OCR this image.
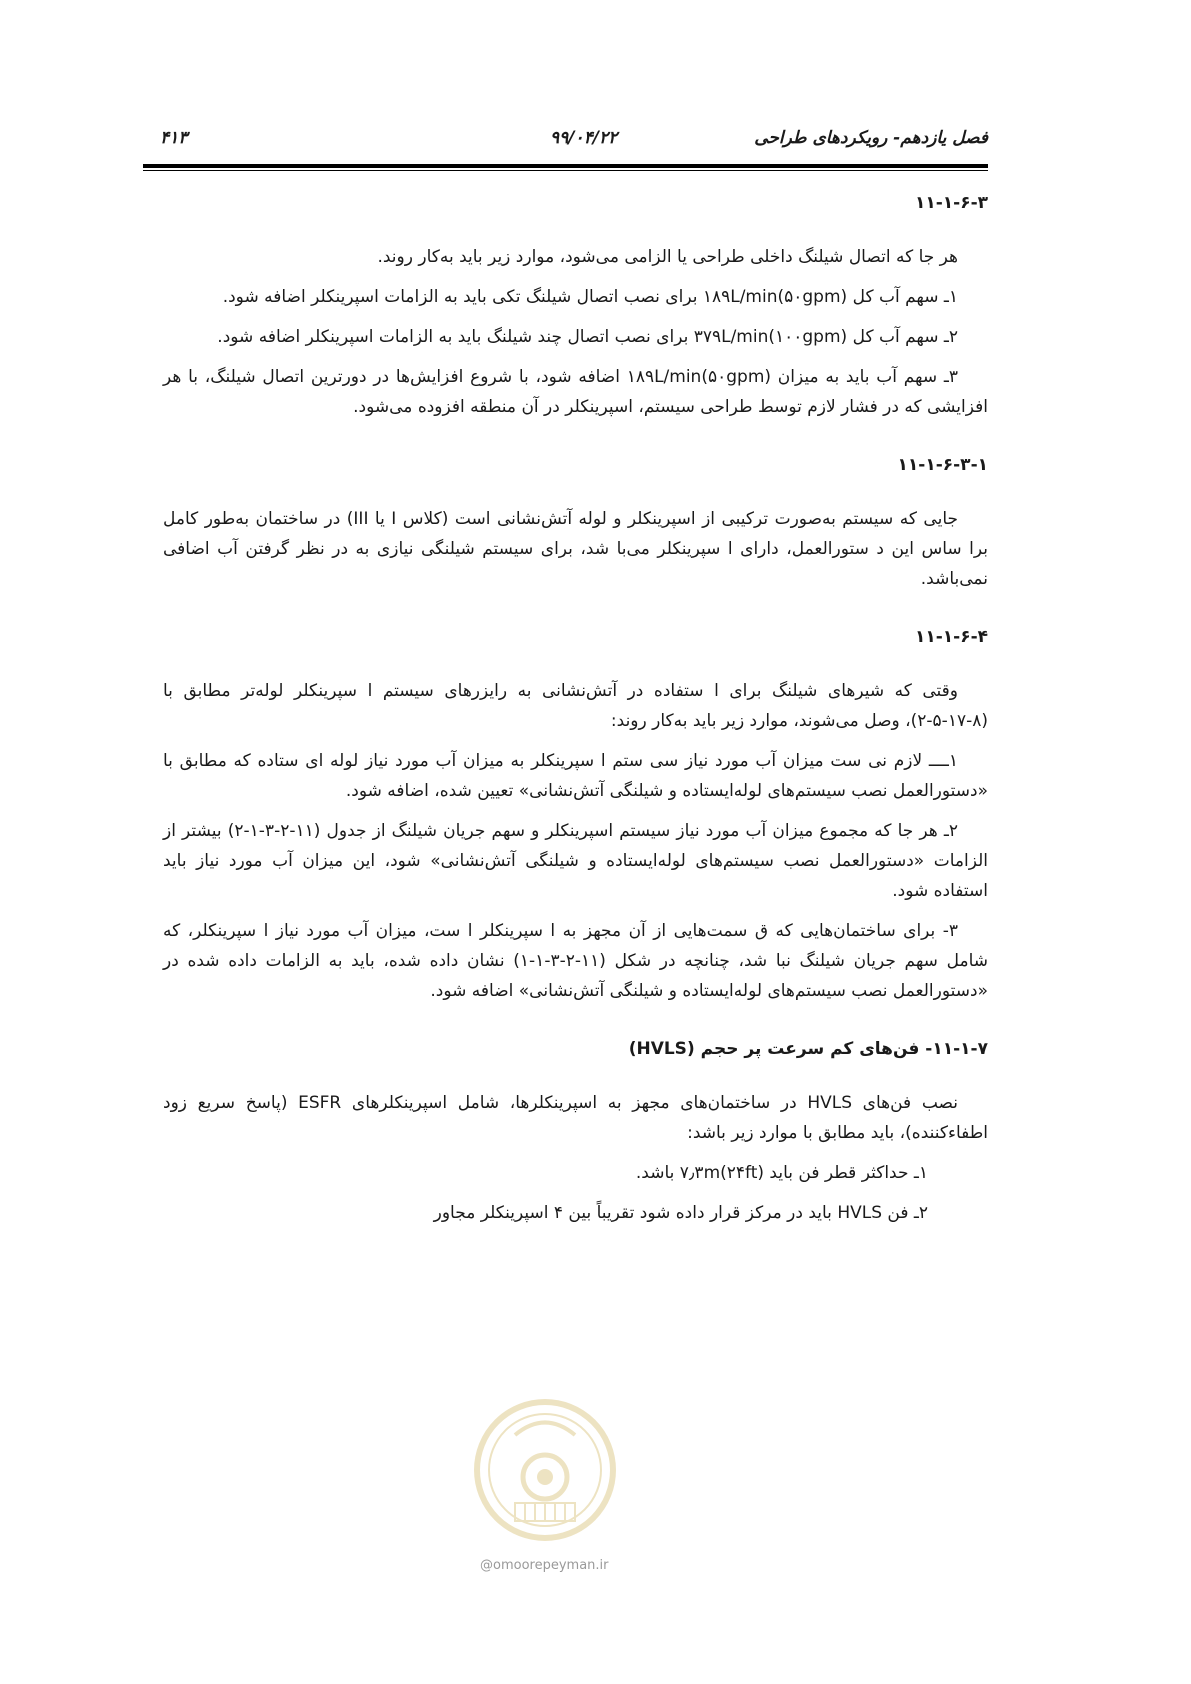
فصل یازدهم- رویکردهای طراحی
۹۹/۰۴/۲۲
۴۱۳
۱۱-۱-۶-۳

هر جا که اتصال شیلنگ داخلی طراحی یا الزامی می‌شود، موارد زیر باید به‌کار روند.

۱ـ سهم آب کل ۱۸۹L/min(۵۰gpm) برای نصب اتصال شیلنگ تکی باید به الزامات اسپرینکلر اضافه شود.

۲ـ سهم آب کل ۳۷۹L/min(۱۰۰gpm) برای نصب اتصال چند شیلنگ باید به الزامات اسپرینکلر اضافه شود.

۳ـ سهم آب باید به میزان ۱۸۹L/min(۵۰gpm) اضافه شود، با شروع افزایش‌ها در دورترین اتصال شیلنگ، با هر افزایشی که در فشار لازم توسط طراحی سیستم، اسپرینکلر در آن منطقه افزوده می‌شود.

۱۱-۱-۶-۳-۱

جایی که سیستم به‌صورت ترکیبی از اسپرینکلر و لوله آتش‌نشانی است (کلاس I یا III) در ساختمان به‌طور کامل برا ساس این د ستورالعمل، دارای ا سپرینکلر می‌با شد، برای سیستم شیلنگی نیازی به در نظر گرفتن آب اضافی نمی‌باشد.

۱۱-۱-۶-۴

وقتی که شیرهای شیلنگ برای ا ستفاده در آتش‌نشانی به رایزرهای سیستم ا سپرینکلر لوله‌تر مطابق با (۸-۱۷-۵-۲)، وصل می‌شوند، موارد زیر باید به‌کار روند:

۱ــــ لازم نی ست میزان آب مورد نیاز سی ستم ا سپرینکلر به میزان آب مورد نیاز لوله ای ستاده که مطابق با «دستورالعمل نصب سیستم‌های لوله‌ایستاده و شیلنگی آتش‌نشانی» تعیین شده، اضافه شود.

۲ـ هر جا که مجموع میزان آب مورد نیاز سیستم اسپرینکلر و سهم جریان شیلنگ از جدول (۱۱-۲-۳-۱-۲) بیشتر از الزامات «دستورالعمل نصب سیستم‌های لوله‌ایستاده و شیلنگی آتش‌نشانی» شود، این میزان آب مورد نیاز باید استفاده شود.

۳- برای ساختمان‌هایی که ق سمت‌هایی از آن مجهز به ا سپرینکلر ا ست، میزان آب مورد نیاز ا سپرینکلر، که شامل سهم جریان شیلنگ نبا شد، چنانچه در شکل (۱۱-۲-۳-۱-۱) نشان داده شده، باید به الزامات داده شده در «دستورالعمل نصب سیستم‌های لوله‌ایستاده و شیلنگی آتش‌نشانی» اضافه شود.

۱۱-۱-۷- فن‌های کم سرعت پر حجم (HVLS)

نصب فن‌های HVLS در ساختمان‌های مجهز به اسپرینکلرها، شامل اسپرینکلرهای ESFR (پاسخ سریع زود اطفاءکننده)، باید مطابق با موارد زیر باشد:

۱ـ حداکثر قطر فن باید ۷٫۳m(۲۴ft) باشد.

۲ـ فن HVLS باید در مرکز قرار داده شود تقریباً بین ۴ اسپرینکلر مجاور

@omoorepeyman.ir
